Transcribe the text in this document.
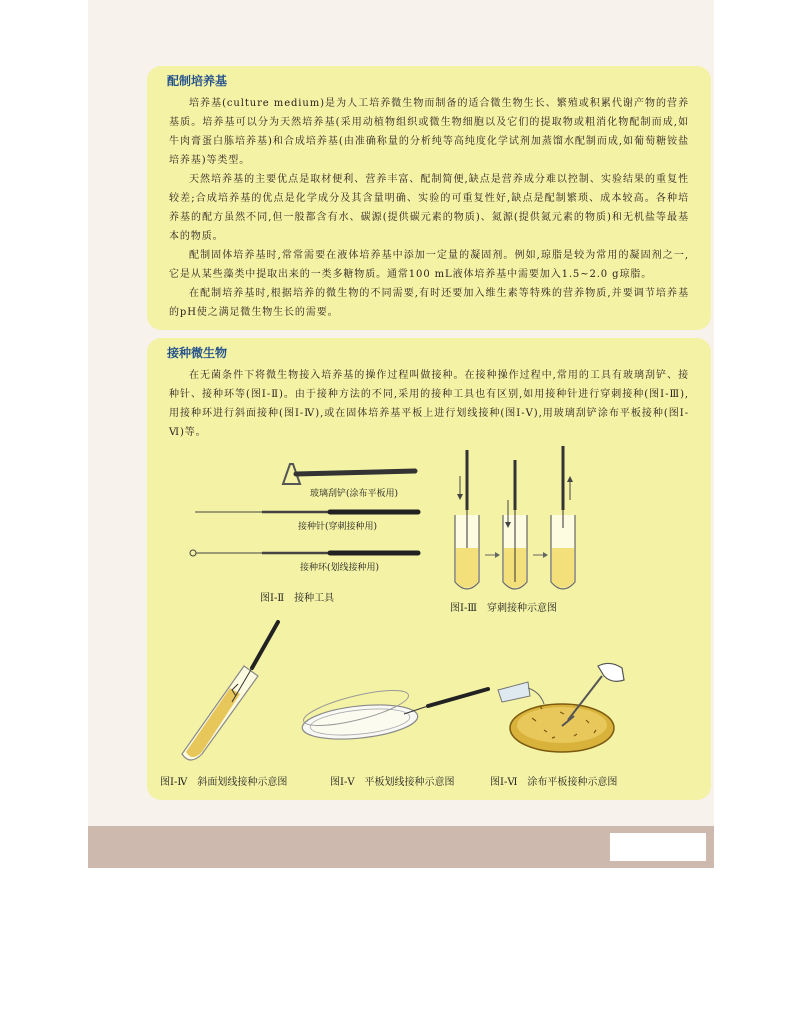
配制培养基

培养基(culture medium)是为人工培养微生物而制备的适合微生物生长、繁殖或积累代谢产物的营养基质。培养基可以分为天然培养基(采用动植物组织或微生物细胞以及它们的提取物或粗消化物配制而成,如牛肉膏蛋白胨培养基)和合成培养基(由准确称量的分析纯等高纯度化学试剂加蒸馏水配制而成,如葡萄糖铵盐培养基)等类型。

天然培养基的主要优点是取材便利、营养丰富、配制简便,缺点是营养成分难以控制、实验结果的重复性较差;合成培养基的优点是化学成分及其含量明确、实验的可重复性好,缺点是配制繁琐、成本较高。各种培养基的配方虽然不同,但一般都含有水、碳源(提供碳元素的物质)、氮源(提供氮元素的物质)和无机盐等最基本的物质。

配制固体培养基时,常常需要在液体培养基中添加一定量的凝固剂。例如,琼脂是较为常用的凝固剂之一,它是从某些藻类中提取出来的一类多糖物质。通常100 mL液体培养基中需要加入1.5~2.0 g琼脂。

在配制培养基时,根据培养的微生物的不同需要,有时还要加入维生素等特殊的营养物质,并要调节培养基的pH使之满足微生物生长的需要。

接种微生物

在无菌条件下将微生物接入培养基的操作过程叫做接种。在接种操作过程中,常用的工具有玻璃刮铲、接种针、接种环等(图Ⅰ-Ⅱ)。由于接种方法的不同,采用的接种工具也有区别,如用接种针进行穿刺接种(图Ⅰ-Ⅲ),用接种环进行斜面接种(图Ⅰ-Ⅳ),或在固体培养基平板上进行划线接种(图Ⅰ-Ⅴ),用玻璃刮铲涂布平板接种(图Ⅰ-Ⅵ)等。

玻璃刮铲(涂布平板用)
接种针(穿刺接种用)
接种环(划线接种用)
图Ⅰ-Ⅱ　接种工具
图Ⅰ-Ⅲ　穿刺接种示意图
图Ⅰ-Ⅳ　斜面划线接种示意图	图Ⅰ-Ⅴ　平板划线接种示意图	图Ⅰ-Ⅵ　涂布平板接种示意图
